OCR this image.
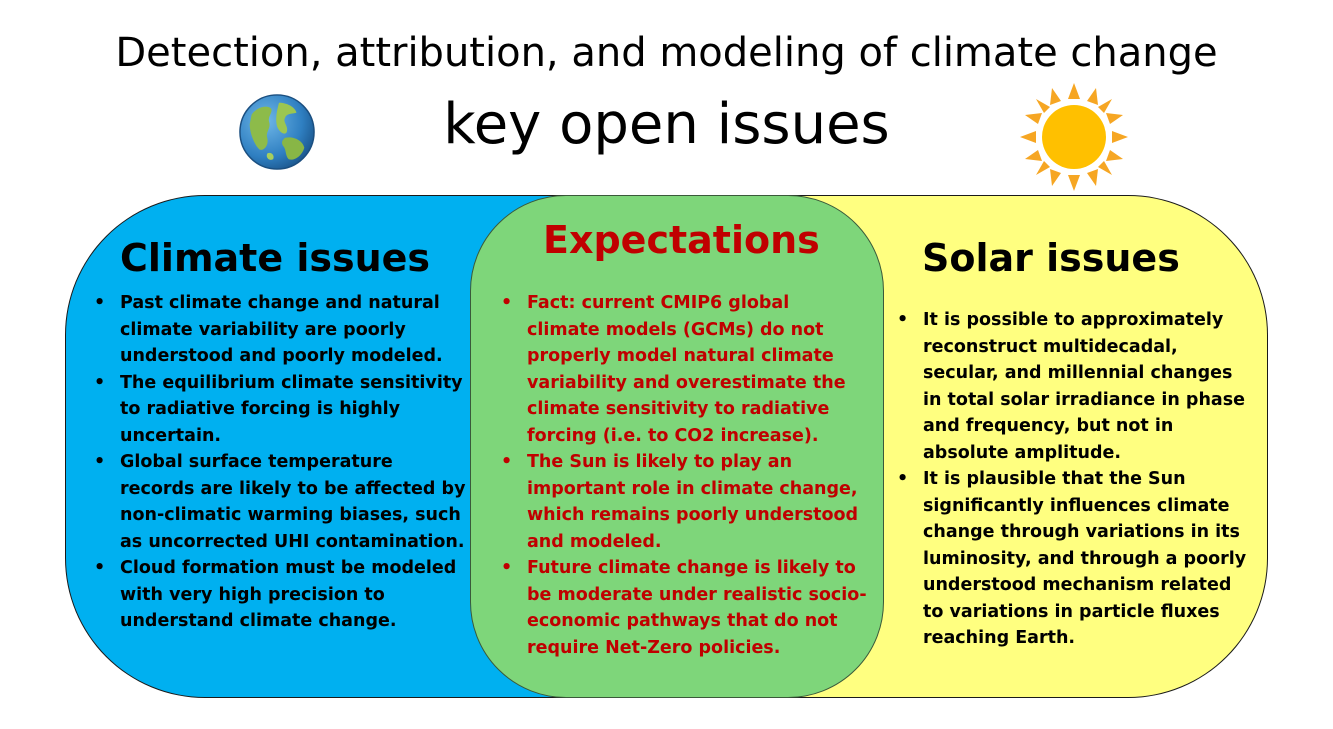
Detection, attribution, and modeling of climate change
key open issues
Climate issues	Expectations	Solar issues
• Past climate change and natural climate variability are poorly understood and poorly modeled.
• The equilibrium climate sensitivity to radiative forcing is highly uncertain.
• Global surface temperature records are likely to be affected by non-climatic warming biases, such as uncorrected UHI contamination.
• Cloud formation must be modeled with very high precision to understand climate change.
• Fact: current CMIP6 global climate models (GCMs) do not properly model natural climate variability and overestimate the climate sensitivity to radiative forcing (i.e. to CO2 increase).
• The Sun is likely to play an important role in climate change, which remains poorly understood and modeled.
• Future climate change is likely to be moderate under realistic socio-economic pathways that do not require Net-Zero policies.
• It is possible to approximately reconstruct multidecadal, secular, and millennial changes in total solar irradiance in phase and frequency, but not in absolute amplitude.
• It is plausible that the Sun significantly influences climate change through variations in its luminosity, and through a poorly understood mechanism related to variations in particle fluxes reaching Earth.
